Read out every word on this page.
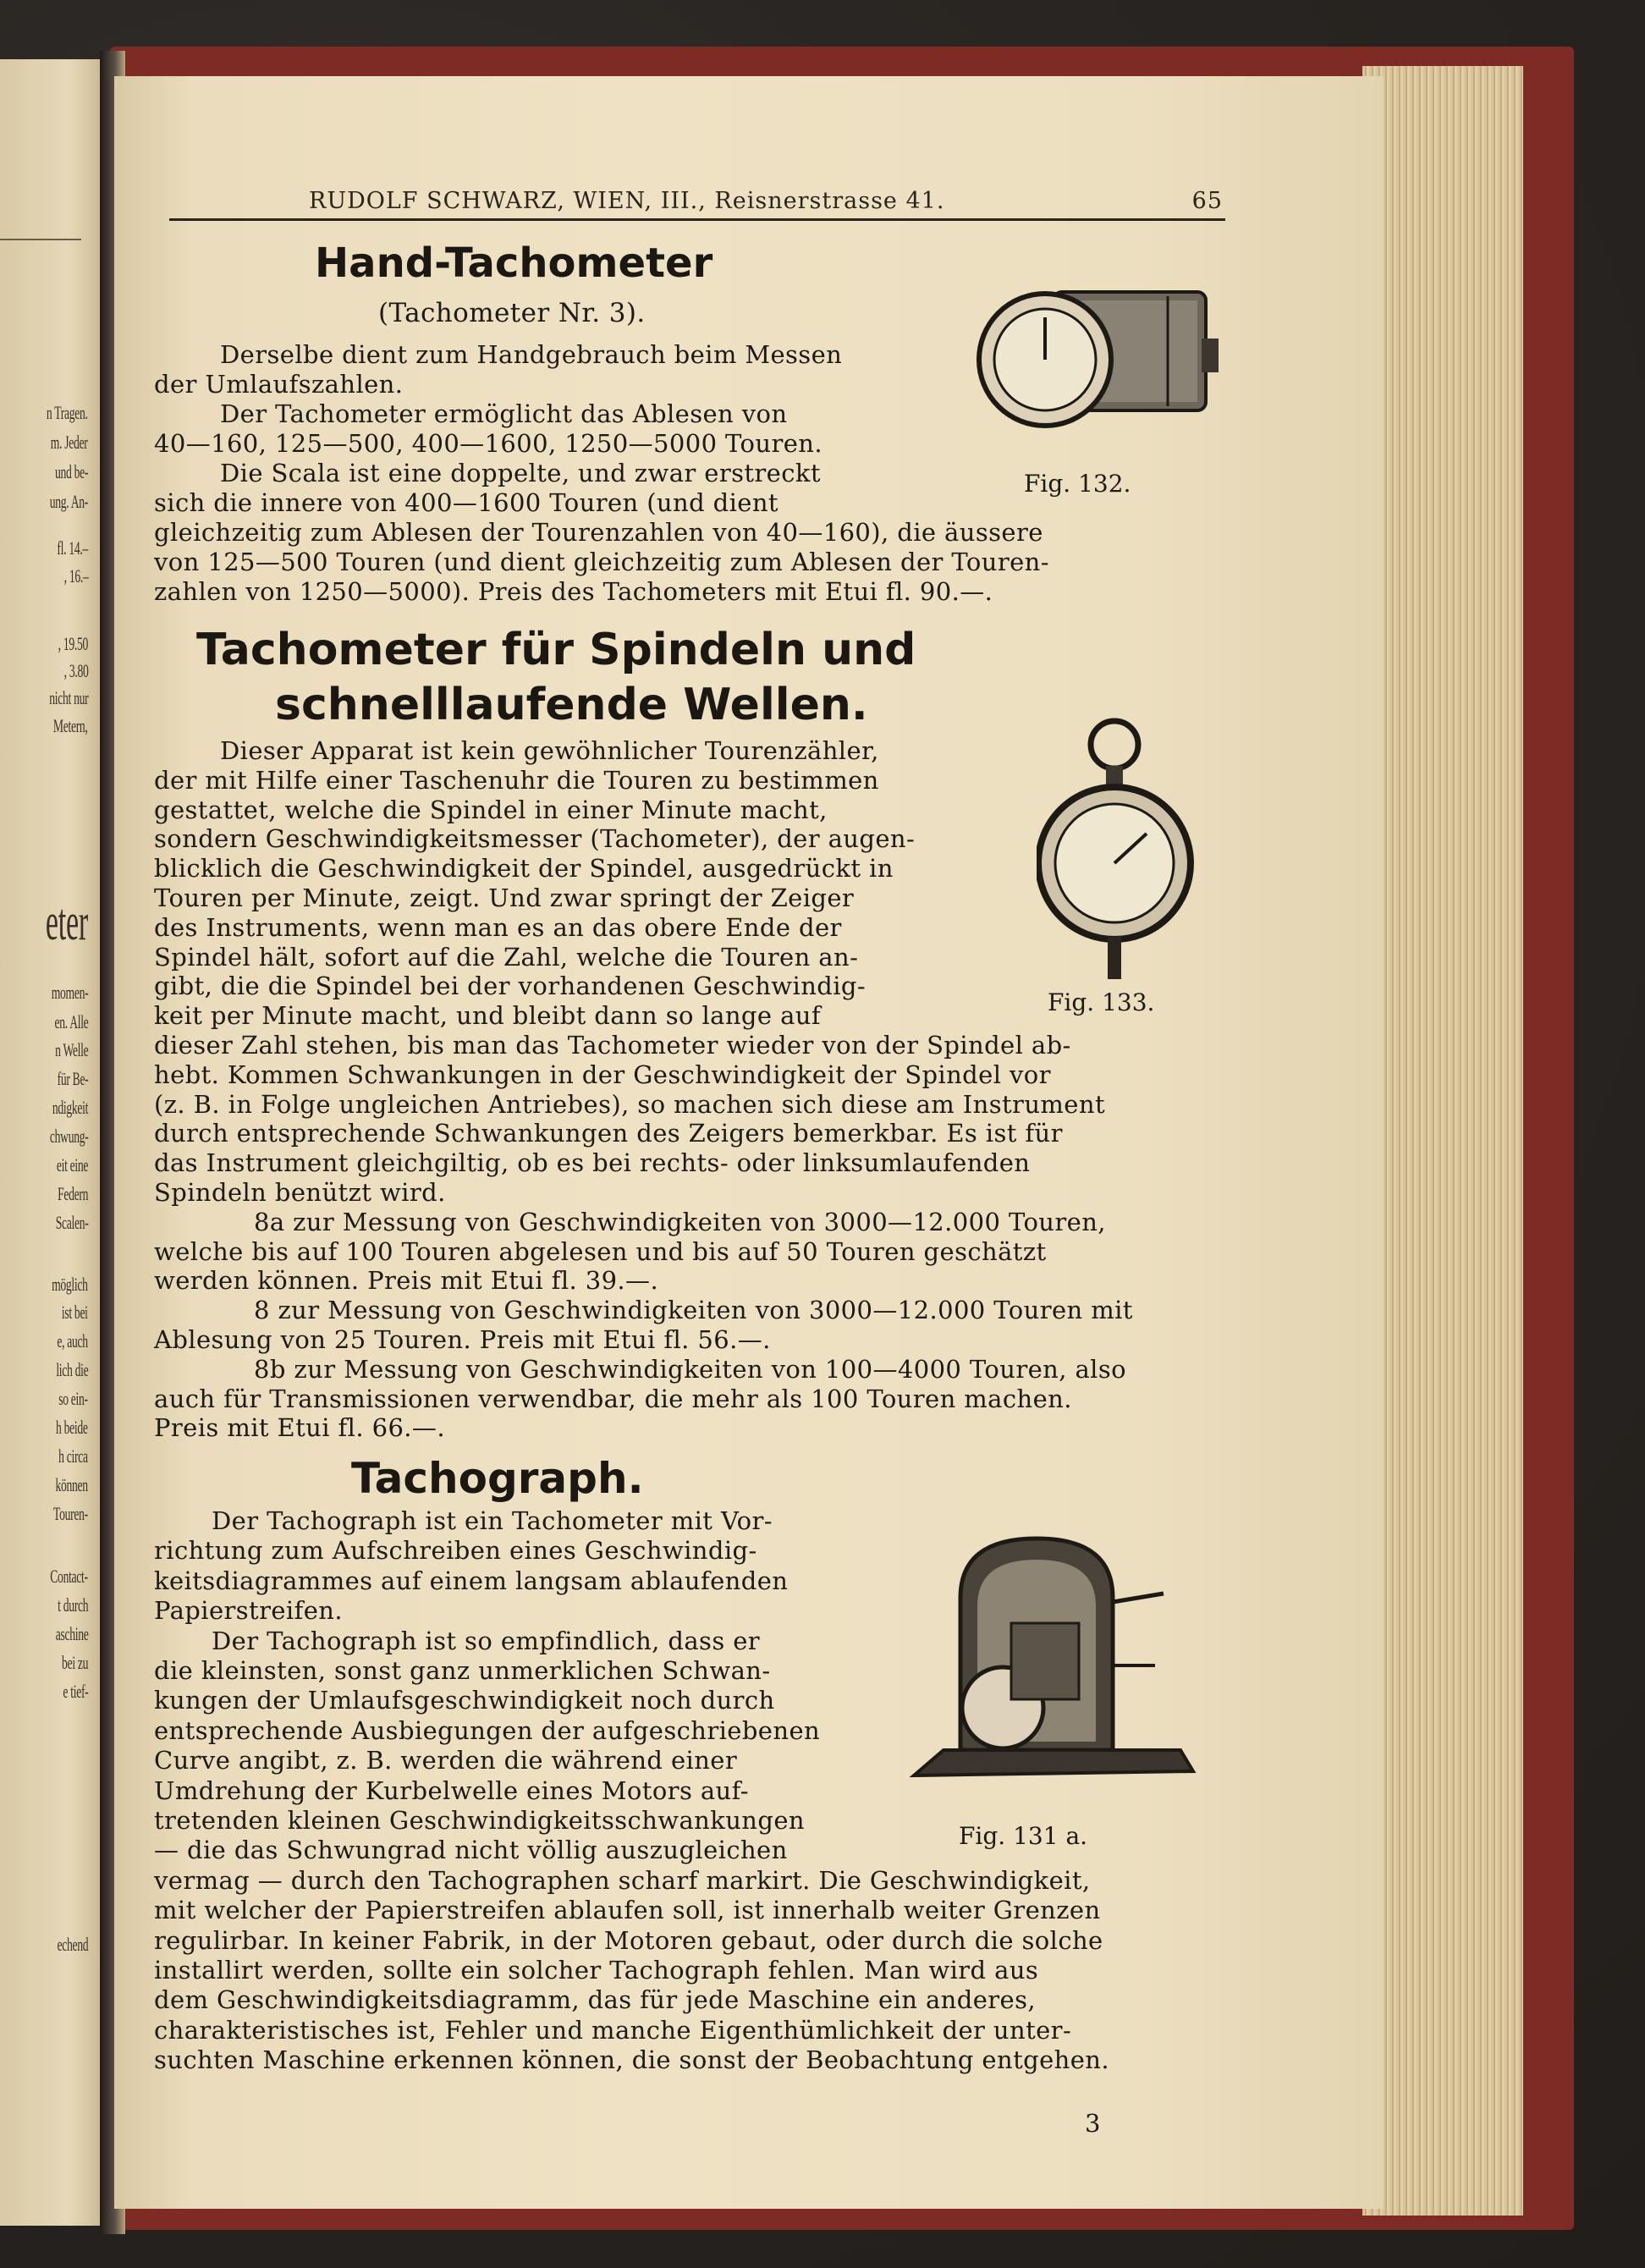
n Tragen.
m. Jeder
und be-
ung. An-
fl. 14.–
, 16.–
, 19.50
, 3.80
nicht nur
Metern,
eter
momen-
en. Alle
n Welle
für Be-
ndigkeit
chwung-
eit eine
Federn
Scalen-
möglich
ist bei
e, auch
lich die
so ein-
h beide
h circa
können
Touren-
Contact-
t durch
aschine
bei zu
e tief-
echend
RUDOLF SCHWARZ, WIEN, III., Reisnerstrasse 41.	65
Hand-Tachometer
(Tachometer Nr. 3).
Derselbe dient zum Handgebrauch beim Messen
der Umlaufszahlen.
Der Tachometer ermöglicht das Ablesen von
40—160, 125—500, 400—1600, 1250—5000 Touren.
Die Scala ist eine doppelte, und zwar erstreckt
sich die innere von 400—1600 Touren (und dient
gleichzeitig zum Ablesen der Tourenzahlen von 40—160), die äussere
von 125—500 Touren (und dient gleichzeitig zum Ablesen der Touren-
zahlen von 1250—5000). Preis des Tachometers mit Etui fl. 90.—.
Fig. 132.
Tachometer für Spindeln und
schnelllaufende Wellen.
Dieser Apparat ist kein gewöhnlicher Tourenzähler,
der mit Hilfe einer Taschenuhr die Touren zu bestimmen
gestattet, welche die Spindel in einer Minute macht,
sondern Geschwindigkeitsmesser (Tachometer), der augen-
blicklich die Geschwindigkeit der Spindel, ausgedrückt in
Touren per Minute, zeigt. Und zwar springt der Zeiger
des Instruments, wenn man es an das obere Ende der
Spindel hält, sofort auf die Zahl, welche die Touren an-
gibt, die die Spindel bei der vorhandenen Geschwindig-
keit per Minute macht, und bleibt dann so lange auf
dieser Zahl stehen, bis man das Tachometer wieder von der Spindel ab-
hebt. Kommen Schwankungen in der Geschwindigkeit der Spindel vor
(z. B. in Folge ungleichen Antriebes), so machen sich diese am Instrument
durch entsprechende Schwankungen des Zeigers bemerkbar. Es ist für
das Instrument gleichgiltig, ob es bei rechts- oder linksumlaufenden
Spindeln benützt wird.
8a zur Messung von Geschwindigkeiten von 3000—12.000 Touren,
welche bis auf 100 Touren abgelesen und bis auf 50 Touren geschätzt
werden können. Preis mit Etui fl. 39.—.
8 zur Messung von Geschwindigkeiten von 3000—12.000 Touren mit
Ablesung von 25 Touren. Preis mit Etui fl. 56.—.
8b zur Messung von Geschwindigkeiten von 100—4000 Touren, also
auch für Transmissionen verwendbar, die mehr als 100 Touren machen.
Preis mit Etui fl. 66.—.
Fig. 133.
Tachograph.
Der Tachograph ist ein Tachometer mit Vor-
richtung zum Aufschreiben eines Geschwindig-
keitsdiagrammes auf einem langsam ablaufenden
Papierstreifen.
Der Tachograph ist so empfindlich, dass er
die kleinsten, sonst ganz unmerklichen Schwan-
kungen der Umlaufsgeschwindigkeit noch durch
entsprechende Ausbiegungen der aufgeschriebenen
Curve angibt, z. B. werden die während einer
Umdrehung der Kurbelwelle eines Motors auf-
tretenden kleinen Geschwindigkeitsschwankungen
— die das Schwungrad nicht völlig auszugleichen
vermag — durch den Tachographen scharf markirt. Die Geschwindigkeit,
mit welcher der Papierstreifen ablaufen soll, ist innerhalb weiter Grenzen
regulirbar. In keiner Fabrik, in der Motoren gebaut, oder durch die solche
installirt werden, sollte ein solcher Tachograph fehlen. Man wird aus
dem Geschwindigkeitsdiagramm, das für jede Maschine ein anderes,
charakteristisches ist, Fehler und manche Eigenthümlichkeit der unter-
suchten Maschine erkennen können, die sonst der Beobachtung entgehen.
Fig. 131 a.
3
